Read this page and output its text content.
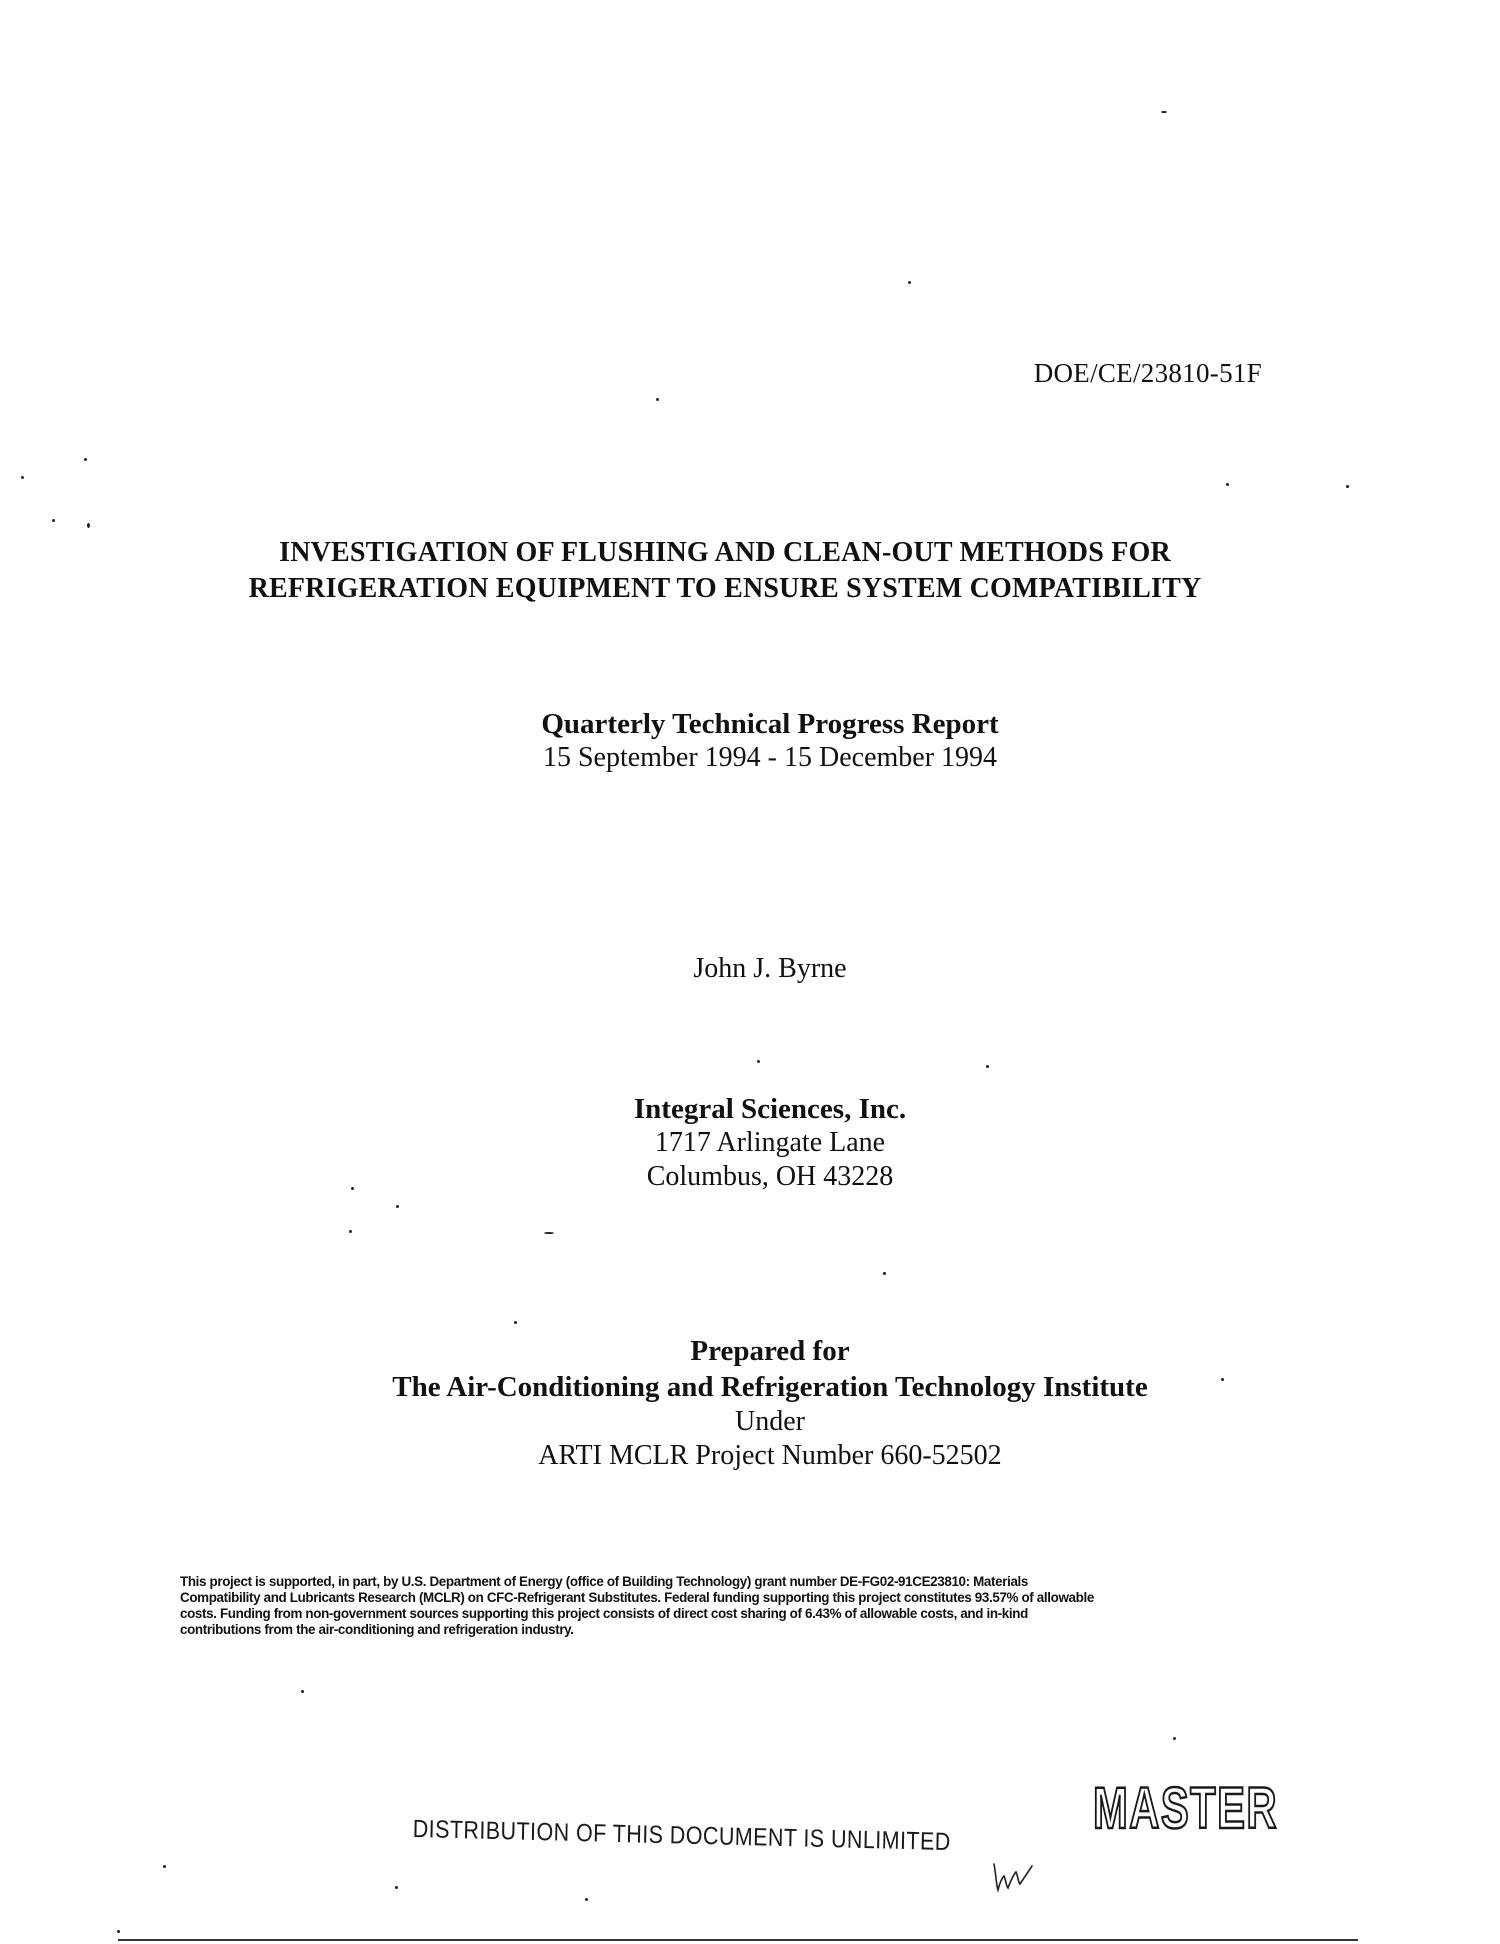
DOE/CE/23810-51F
INVESTIGATION OF FLUSHING AND CLEAN-OUT METHODS FOR
REFRIGERATION EQUIPMENT TO ENSURE SYSTEM COMPATIBILITY
Quarterly Technical Progress Report
15 September 1994 - 15 December 1994
John J. Byrne
Integral Sciences, Inc.
1717 Arlingate Lane
Columbus, OH 43228
Prepared for
The Air-Conditioning and Refrigeration Technology Institute
Under
ARTI MCLR Project Number 660-52502
This project is supported, in part, by U.S. Department of Energy (office of Building Technology) grant number DE-FG02-91CE23810: Materials
Compatibility and Lubricants Research (MCLR) on CFC-Refrigerant Substitutes. Federal funding supporting this project constitutes 93.57% of allowable
costs. Funding from non-government sources supporting this project consists of direct cost sharing of 6.43% of allowable costs, and in-kind
contributions from the air-conditioning and refrigeration industry.
DISTRIBUTION OF THIS DOCUMENT IS UNLIMITED MASTER
